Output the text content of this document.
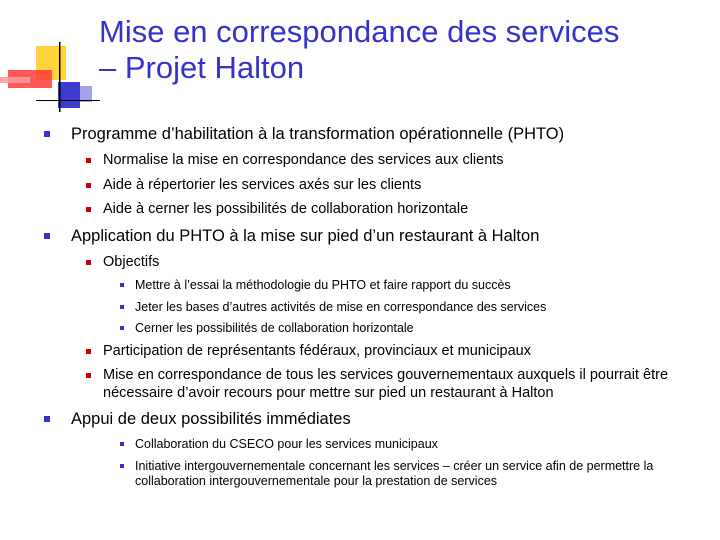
Mise en correspondance des services
– Projet Halton
Programme d’habilitation à la transformation opérationnelle (PHTO)
Normalise la mise en correspondance des services aux clients
Aide à répertorier les services axés sur les clients
Aide à cerner les possibilités de collaboration horizontale
Application du PHTO à la mise sur pied d’un restaurant à Halton
Objectifs
Mettre à l’essai la méthodologie du PHTO et faire rapport du succès
Jeter les bases d’autres activités de mise en correspondance des services
Cerner les possibilités de collaboration horizontale
Participation de représentants fédéraux, provinciaux et municipaux
Mise en correspondance de tous les services gouvernementaux auxquels il pourrait être nécessaire d’avoir recours pour mettre sur pied un restaurant à Halton
Appui de deux possibilités immédiates
Collaboration du CSECO pour les services municipaux
Initiative intergouvernementale concernant les services – créer un service afin de permettre la collaboration intergouvernementale pour la prestation de services
